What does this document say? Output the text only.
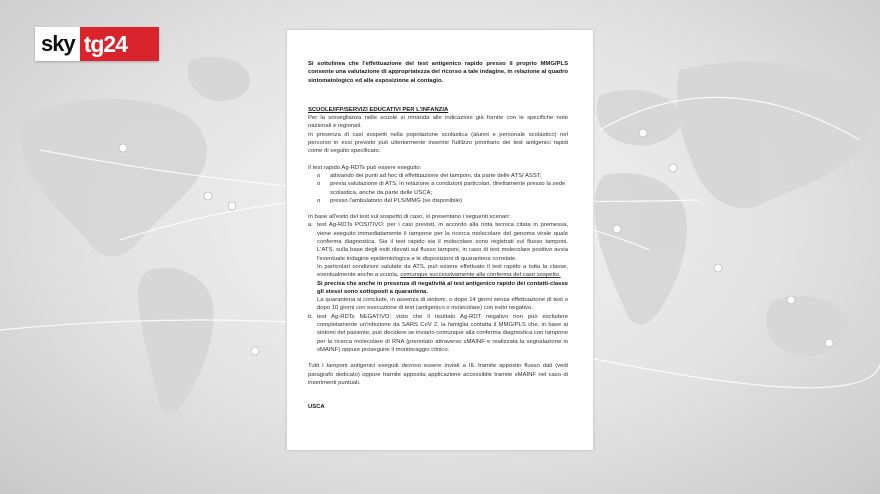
sky tg24

Si sottolinea che l'effettuazione del test antigenico rapido presso il proprio MMG/PLS consente una valutazione di appropriatezza del ricorso a tale indagine, in relazione al quadro sintomatologico ed alla esposizione al contagio.

SCUOLE/IFP/SERVIZI EDUCATIVI PER L'INFANZIA

Per la sorveglianza nelle scuole si rimanda alle indicazioni già fornite con le specifiche note nazionali e regionali.

In presenza di casi sospetti nella popolazione scolastica (alunni e personale scolastico) nel percorso in essi previsto può ulteriormente inserirsi l'utilizzo prioritario dei test antigenici rapidi come di seguito specificato.

Il test rapido Ag-RDTs può essere eseguito:

o attivando dei punti ad hoc di effettuazione dei tamponi, da parte delle ATS/ ASST;

o previa valutazione di ATS, in relazione a condizioni particolari, direttamente presso la sede scolastica, anche da parte delle USCA;

o presso l'ambulatorio del PLS/MMG (se disponibile)

In base all'esito del test sul sospetto di caso, si presentano i seguenti scenari:

a. test Ag-RDTs POSITIVO: per i casi previsti, in accordo alla nota tecnica citata in premessa, viene eseguito immediatamente il tampone per la ricerca molecolare del genoma virale quale conferma diagnostica. Sia il test rapido sia il molecolare sono registrati sul flusso tamponi. L'ATS, sulla base degli esiti rilevati sul flusso tamponi, in caso di test molecolare positivo avvia l'eventuale indagine epidemiologica e le disposizioni di quarantena correlate.

In particolari condizioni valutate da ATS, può essere effettuato il test rapido a tutta la classe, eventualmente anche a scuola, comunque successivamente alla conferma del caso sospetto.

Si precisa che anche in presenza di negatività al test antigenico rapido dei contatti-classe gli stessi sono sottoposti a quarantena.

La quarantena si conclude, in assenza di sintomi, o dopo 14 giorni senza effettuazione di test o dopo 10 giorni con esecuzione di test (antigenico o molecolare) con esito negativo.

b. test Ag-RDTs NEGATIVO: visto che il risultato Ag-RDT negativo non può escludere completamente un'infezione da SARS CoV 2, la famiglia contatta il MMG/PLS che, in base ai sintomi del paziente, può decidere se inviarlo comunque alla conferma diagnostica con tampone per la ricerca molecolare di RNA (prenotato attraverso sMAINF e realizzata la segnalazione in sMAINF) oppure proseguire il monitoraggio clinico.

Tutti i tamponi antigenici eseguiti devono essere inviati a IIL tramite apposito flusso dati (vedi paragrafo dedicato) oppure tramite apposita applicazione accessibile tramite sMAINF nel caso di inserimenti puntuali.

USCA
